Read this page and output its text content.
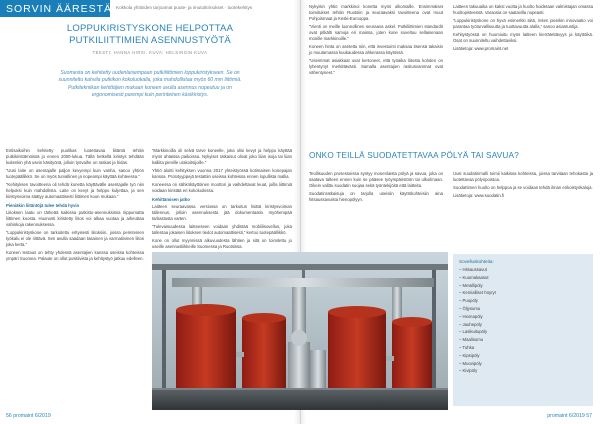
SORVIN ÄÄRESTÄ Kokkola yhtiöiden tarjoamat puute- ja imututkimukset · tuotekehitys
LOPPUKIRISTYSKONE HELPOTTAA PUTKILIITTIMIEN ASENNUSTYÖTÄ
TEKSTI: HANNA HIRSI, KUVA: HELSINGIN KUVA
Suomesta on kehitetty uudenlaisempaan putkiliittimien loppukiristykseen. Se on suunniteltu kahvila putkikon kokoluokalla, joka mahdollistaa myös 60 mm liittimiä. Putkitekniikan kehittäjien mukaan koneen avulla asennus nopeutuu ja on ergonomisesti parempi kuin perinteinen käsikiristys.

Entisaikoihin kehitetty puolikas luotettavaa liitäntä tehtiin putkikiristämöissä jo ennen 2000-lukua. Tällä hetkellä kiristys tehdään kuitenkin yhä usein käsityönä, jolloin työvaihe on raskas ja hidas.

”Uusi laite on asentajalle paljon kevyempi kuin vanha, sanoo yhtiön tuotepäällikkö. Se on myös turvallinen ja nopeampi käyttää kohteessa.”

”Kehityksen tavoitteena oli tehdä konetta käyttävälle asentajalle työ niin helpoksi kuin mahdollista. Laite on kevyt ja helppo kuljettaa, ja sen kiristysvoima säätyy automaattisesti liittimen koon mukaan.”

Pieniäkin liitäntöjä tulee tehdä hyvin

Liitoksen laatu on tärkeää kaikissa putkisto-asennuksissa riippumatta liittimen koosta. Huonosti kiristetty liitos voi alkaa vuotaa ja aiheuttaa vahinkoja rakennuksessa.

”Loppukiristyskone on tarkoitettu erityisesti liitoksiin, joissa perinteinen työkalu ei ole riittävä. Sen avulla saadaan tasainen ja varmatiivinen liitos joka kerta.”

Koneen testaus on tehty yhdessä asentajien kanssa useissa kohteissa ympäri Suomea. Palaute on ollut positiivista ja kehitystyö jatkuu edelleen.

”Markkinoilla oli selvä tarve koneelle, joka olisi kevyt ja helppo käyttää myös ahtaissa paikoissa. Nykyiset ratkaisut olivat joko liian isoja tai liian kalliita pienille urakoitsijoille.”

Yhtiö aloitti kehityksen vuonna 2017 yhteistyössä kotimaisen konepajan kanssa. Prototyyppejä testattiin useissa kohteissa ennen lopullista mallia.

Koneessa on sähkökäyttöinen moottori ja vaihdettavat leuat, joilla liittimiä voidaan kiristää eri kokoluokissa.

Kehittämisen jatko

Laitteen seuraavassa versiossa on tarkoitus lisätä kiristysvoiman tallennus, jolloin asennuksesta jää dokumentaatio myöhempää tarkastusta varten.

”Tulevaisuudessa laitteeseen voidaan yhdistää mobiilisovellus, joka tallentaa jokaisen liitoksen tiedot automaattisesti,” kertoo tuotepäällikkö.

Kone on ollut myynnissä alkuvuodesta lähtien ja sitä on toimitettu jo useille asennusliikkeille Suomessa ja Ruotsissa.

56 promaint 6/2019

Nykyisin yhtiö markkinoi konetta myös ulkomaille. Ensimmäiset toimitukset tehtiin Ruotsiin ja seuraavaksi tavoitteena ovat muut Pohjoismaat ja Keski-Eurooppa.

”Vienti on meille luonnollinen seuraava askel. Putkiliittimien standardit ovat pitkälti samoja eri maissa, joten kone soveltuu sellaisenaan monille markkinoille.”

Koneen hinta on asetettu niin, että investointi maksaa itsensä takaisin jo muutamassa kuukaudessa ahkerassa käytössä.

”Useimmat asiakkaat ovat kertoneet, että työaika liitosta kohden on lyhentynyt merkittävästi. Samalla asentajien rasitusvammat ovat vähentyneet.”

Laitteen takuuaika on kaksi vuotta ja huolto hoidetaan valmistajan omassa huoltopisteessä. Varaosia on saatavilla nopeasti.

”Loppukiristyskone on hyvä esimerkki siitä, miten pienikin innovaatio voi parantaa työturvallisuutta ja tuottavuutta alalla,” sanoo asiantuntija.

Kehitystyössä on huomioitu myös laitteen kierrätettävyys ja käyttöikä. Osat on suunniteltu vaihdettaviksi.

Lisätietoja: www.promaint.net

ONKO TEILLÄ SUODATETTAVAA PÖLYÄ TAI SAVUA?

Teollisuuden prosesseissa syntyy monenlaista pölyä ja savua, joka on saatava talteen ennen kuin se pääsee työympäristöön tai ulkoilmaan. Oikein valittu suodatin suojaa sekä työntekijöitä että laitteita.

Suodatinratkaisuja on tarjolla useisiin käyttökohteisiin aina hitsaussavuista hienopölyyn.

Uusi suodatinmalli toimii kaikissa kohteissa, joissa tarvitaan tehokasta ja luotettavaa pölynpoistoa.

Suodattimen huolto on helppoa ja se voidaan tehdä ilman erikoistyökaluja.

Lisätietoja: www.suodatin.fi

Sovelluskohteita:
– Hitsaussavut
– Kuumakaasut
– Metallipöly
– Kemialliset höyryt
– Puupöly
– Öljysumu
– Hiomapöly
– Jauhepöly
– Lasikuitupöly
– Maalisumu
– Tuhka
– Kipsipöly
– Muovipöly
– Kivipöly
promaint 6/2019 57
